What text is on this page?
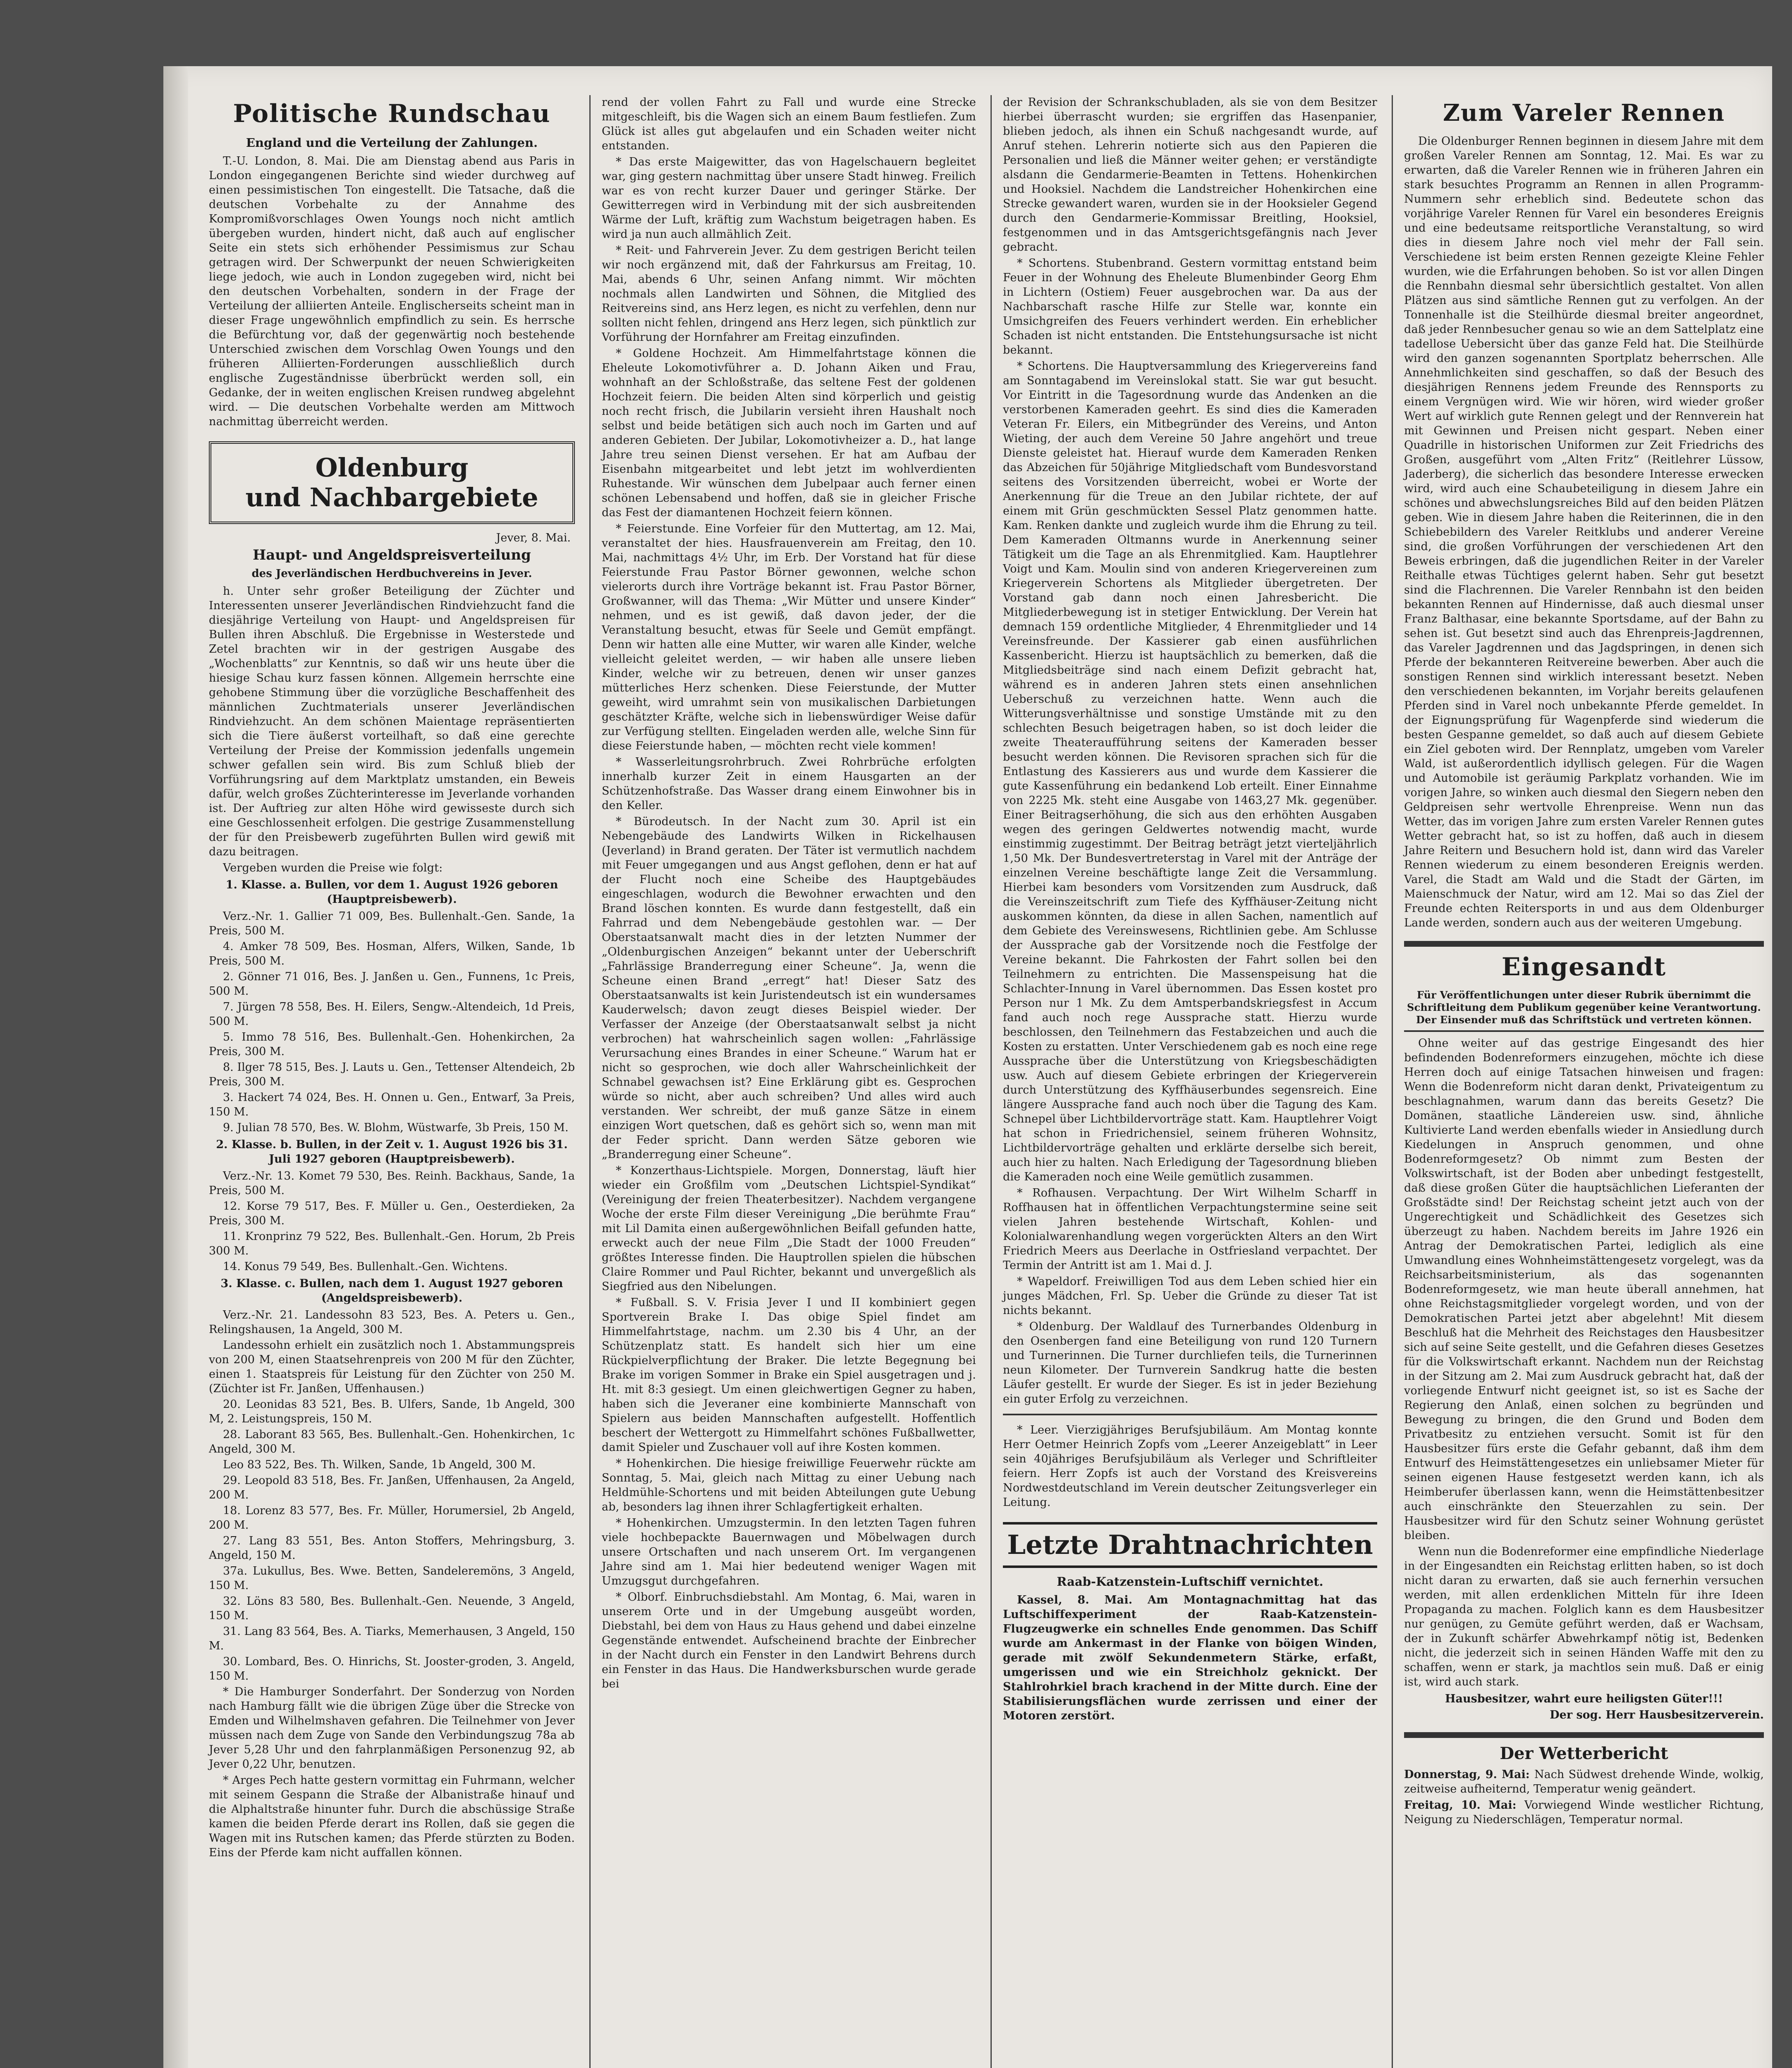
Politische Rundschau
England und die Verteilung der Zahlungen.

T.-U. London, 8. Mai. Die am Dienstag abend aus Paris in London eingegangenen Berichte sind wieder durchweg auf einen pessimistischen Ton eingestellt. Die Tatsache, daß die deutschen Vorbehalte zu der Annahme des Kompromißvorschlages Owen Youngs noch nicht amtlich übergeben wurden, hindert nicht, daß auch auf englischer Seite ein stets sich erhöhender Pessimismus zur Schau getragen wird. Der Schwerpunkt der neuen Schwierigkeiten liege jedoch, wie auch in London zugegeben wird, nicht bei den deutschen Vorbehalten, sondern in der Frage der Verteilung der alliierten Anteile. Englischerseits scheint man in dieser Frage ungewöhnlich empfindlich zu sein. Es herrsche die Befürchtung vor, daß der gegenwärtig noch bestehende Unterschied zwischen dem Vorschlag Owen Youngs und den früheren Alliierten-Forderungen ausschließlich durch englische Zugeständnisse überbrückt werden soll, ein Gedanke, der in weiten englischen Kreisen rundweg abgelehnt wird. — Die deutschen Vorbehalte werden am Mittwoch nachmittag überreicht werden.

Oldenburg
und Nachbargebiete
Jever, 8. Mai.
Haupt- und Angeldspreisverteilung
des Jeverländischen Herdbuchvereins in Jever.

h. Unter sehr großer Beteiligung der Züchter und Interessenten unserer Jeverländischen Rindviehzucht fand die diesjährige Verteilung von Haupt- und Angeldspreisen für Bullen ihren Abschluß. Die Ergebnisse in Westerstede und Zetel brachten wir in der gestrigen Ausgabe des „Wochenblatts“ zur Kenntnis, so daß wir uns heute über die hiesige Schau kurz fassen können. Allgemein herrschte eine gehobene Stimmung über die vorzügliche Beschaffenheit des männlichen Zuchtmaterials unserer Jeverländischen Rindviehzucht. An dem schönen Maientage repräsentierten sich die Tiere äußerst vorteilhaft, so daß eine gerechte Verteilung der Preise der Kommission jedenfalls ungemein schwer gefallen sein wird. Bis zum Schluß blieb der Vorführungsring auf dem Marktplatz umstanden, ein Beweis dafür, welch großes Züchterinteresse im Jeverlande vorhanden ist. Der Auftrieg zur alten Höhe wird gewisseste durch sich eine Geschlossenheit erfolgen. Die gestrige Zusammenstellung der für den Preisbewerb zugeführten Bullen wird gewiß mit dazu beitragen.

Vergeben wurden die Preise wie folgt:

1. Klasse. a. Bullen, vor dem 1. August 1926 geboren (Hauptpreisbewerb).

Verz.-Nr. 1. Gallier 71 009, Bes. Bullenhalt.-Gen. Sande, 1a Preis, 500 M.

4. Amker 78 509, Bes. Hosman, Alfers, Wilken, Sande, 1b Preis, 500 M.

2. Gönner 71 016, Bes. J. Janßen u. Gen., Funnens, 1c Preis, 500 M.

7. Jürgen 78 558, Bes. H. Eilers, Sengw.-Altendeich, 1d Preis, 500 M.

5. Immo 78 516, Bes. Bullenhalt.-Gen. Hohenkirchen, 2a Preis, 300 M.

8. Ilger 78 515, Bes. J. Lauts u. Gen., Tettenser Altendeich, 2b Preis, 300 M.

3. Hackert 74 024, Bes. H. Onnen u. Gen., Entwarf, 3a Preis, 150 M.

9. Julian 78 570, Bes. W. Blohm, Wüstwarfe, 3b Preis, 150 M.

2. Klasse. b. Bullen, in der Zeit v. 1. August 1926 bis 31. Juli 1927 geboren (Hauptpreisbewerb).

Verz.-Nr. 13. Komet 79 530, Bes. Reinh. Backhaus, Sande, 1a Preis, 500 M.

12. Korse 79 517, Bes. F. Müller u. Gen., Oesterdieken, 2a Preis, 300 M.

11. Kronprinz 79 522, Bes. Bullenhalt.-Gen. Horum, 2b Preis 300 M.

14. Konus 79 549, Bes. Bullenhalt.-Gen. Wichtens.

3. Klasse. c. Bullen, nach dem 1. August 1927 geboren (Angeldspreisbewerb).

Verz.-Nr. 21. Landessohn 83 523, Bes. A. Peters u. Gen., Relingshausen, 1a Angeld, 300 M.

Landessohn erhielt ein zusätzlich noch 1. Abstammungspreis von 200 M, einen Staatsehrenpreis von 200 M für den Züchter, einen 1. Staatspreis für Leistung für den Züchter von 250 M. (Züchter ist Fr. Janßen, Uffenhausen.)

20. Leonidas 83 521, Bes. B. Ulfers, Sande, 1b Angeld, 300 M, 2. Leistungspreis, 150 M.

28. Laborant 83 565, Bes. Bullenhalt.-Gen. Hohenkirchen, 1c Angeld, 300 M.

Leo 83 522, Bes. Th. Wilken, Sande, 1b Angeld, 300 M.

29. Leopold 83 518, Bes. Fr. Janßen, Uffenhausen, 2a Angeld, 200 M.

18. Lorenz 83 577, Bes. Fr. Müller, Horumersiel, 2b Angeld, 200 M.

27. Lang 83 551, Bes. Anton Stoffers, Mehringsburg, 3. Angeld, 150 M.

37a. Lukullus, Bes. Wwe. Betten, Sandeleremöns, 3 Angeld, 150 M.

32. Löns 83 580, Bes. Bullenhalt.-Gen. Neuende, 3 Angeld, 150 M.

31. Lang 83 564, Bes. A. Tiarks, Memerhausen, 3 Angeld, 150 M.

30. Lombard, Bes. O. Hinrichs, St. Jooster-groden, 3. Angeld, 150 M.

* Die Hamburger Sonderfahrt. Der Sonderzug von Norden nach Hamburg fällt wie die übrigen Züge über die Strecke von Emden und Wilhelmshaven gefahren. Die Teilnehmer von Jever müssen nach dem Zuge von Sande den Verbindungszug 78a ab Jever 5,28 Uhr und den fahrplanmäßigen Personenzug 92, ab Jever 0,22 Uhr, benutzen.

* Arges Pech hatte gestern vormittag ein Fuhrmann, welcher mit seinem Gespann die Straße der Albanistraße hinauf und die Alphaltstraße hinunter fuhr. Durch die abschüssige Straße kamen die beiden Pferde derart ins Rollen, daß sie gegen die Wagen mit ins Rutschen kamen; das Pferde stürzten zu Boden. Eins der Pferde kam nicht auffallen können.

rend der vollen Fahrt zu Fall und wurde eine Strecke mitgeschleift, bis die Wagen sich an einem Baum festliefen. Zum Glück ist alles gut abgelaufen und ein Schaden weiter nicht entstanden.

* Das erste Maigewitter, das von Hagelschauern begleitet war, ging gestern nachmittag über unsere Stadt hinweg. Freilich war es von recht kurzer Dauer und geringer Stärke. Der Gewitterregen wird in Verbindung mit der sich ausbreitenden Wärme der Luft, kräftig zum Wachstum beigetragen haben. Es wird ja nun auch allmählich Zeit.

* Reit- und Fahrverein Jever. Zu dem gestrigen Bericht teilen wir noch ergänzend mit, daß der Fahrkursus am Freitag, 10. Mai, abends 6 Uhr, seinen Anfang nimmt. Wir möchten nochmals allen Landwirten und Söhnen, die Mitglied des Reitvereins sind, ans Herz legen, es nicht zu verfehlen, denn nur sollten nicht fehlen, dringend ans Herz legen, sich pünktlich zur Vorführung der Hornfahrer am Freitag einzufinden.

* Goldene Hochzeit. Am Himmelfahrtstage können die Eheleute Lokomotivführer a. D. Johann Aiken und Frau, wohnhaft an der Schloßstraße, das seltene Fest der goldenen Hochzeit feiern. Die beiden Alten sind körperlich und geistig noch recht frisch, die Jubilarin versieht ihren Haushalt noch selbst und beide betätigen sich auch noch im Garten und auf anderen Gebieten. Der Jubilar, Lokomotivheizer a. D., hat lange Jahre treu seinen Dienst versehen. Er hat am Aufbau der Eisenbahn mitgearbeitet und lebt jetzt im wohlverdienten Ruhestande. Wir wünschen dem Jubelpaar auch ferner einen schönen Lebensabend und hoffen, daß sie in gleicher Frische das Fest der diamantenen Hochzeit feiern können.

* Feierstunde. Eine Vorfeier für den Muttertag, am 12. Mai, veranstaltet der hies. Hausfrauenverein am Freitag, den 10. Mai, nachmittags 4½ Uhr, im Erb. Der Vorstand hat für diese Feierstunde Frau Pastor Börner gewonnen, welche schon vielerorts durch ihre Vorträge bekannt ist. Frau Pastor Börner, Großwanner, will das Thema: „Wir Mütter und unsere Kinder“ nehmen, und es ist gewiß, daß davon jeder, der die Veranstaltung besucht, etwas für Seele und Gemüt empfängt. Denn wir hatten alle eine Mutter, wir waren alle Kinder, welche vielleicht geleitet werden, — wir haben alle unsere lieben Kinder, welche wir zu betreuen, denen wir unser ganzes mütterliches Herz schenken. Diese Feierstunde, der Mutter geweiht, wird umrahmt sein von musikalischen Darbietungen geschätzter Kräfte, welche sich in liebenswürdiger Weise dafür zur Verfügung stellten. Eingeladen werden alle, welche Sinn für diese Feierstunde haben, — möchten recht viele kommen!

* Wasserleitungsrohrbruch. Zwei Rohrbrüche erfolgten innerhalb kurzer Zeit in einem Hausgarten an der Schützenhofstraße. Das Wasser drang einem Einwohner bis in den Keller.

* Bürodeutsch. In der Nacht zum 30. April ist ein Nebengebäude des Landwirts Wilken in Rickelhausen (Jeverland) in Brand geraten. Der Täter ist vermutlich nachdem mit Feuer umgegangen und aus Angst geflohen, denn er hat auf der Flucht noch eine Scheibe des Hauptgebäudes eingeschlagen, wodurch die Bewohner erwachten und den Brand löschen konnten. Es wurde dann festgestellt, daß ein Fahrrad und dem Nebengebäude gestohlen war. — Der Oberstaatsanwalt macht dies in der letzten Nummer der „Oldenburgischen Anzeigen“ bekannt unter der Ueberschrift „Fahrlässige Branderregung einer Scheune“. Ja, wenn die Scheune einen Brand „erregt“ hat! Dieser Satz des Oberstaatsanwalts ist kein Juristendeutsch ist ein wundersames Kauderwelsch; davon zeugt dieses Beispiel wieder. Der Verfasser der Anzeige (der Oberstaatsanwalt selbst ja nicht verbrochen) hat wahrscheinlich sagen wollen: „Fahrlässige Verursachung eines Brandes in einer Scheune.“ Warum hat er nicht so gesprochen, wie doch aller Wahrscheinlichkeit der Schnabel gewachsen ist? Eine Erklärung gibt es. Gesprochen würde so nicht, aber auch schreiben? Und alles wird auch verstanden. Wer schreibt, der muß ganze Sätze in einem einzigen Wort quetschen, daß es gehört sich so, wenn man mit der Feder spricht. Dann werden Sätze geboren wie „Branderregung einer Scheune“.

* Konzerthaus-Lichtspiele. Morgen, Donnerstag, läuft hier wieder ein Großfilm vom „Deutschen Lichtspiel-Syndikat“ (Vereinigung der freien Theaterbesitzer). Nachdem vergangene Woche der erste Film dieser Vereinigung „Die berühmte Frau“ mit Lil Damita einen außergewöhnlichen Beifall gefunden hatte, erweckt auch der neue Film „Die Stadt der 1000 Freuden“ größtes Interesse finden. Die Hauptrollen spielen die hübschen Claire Rommer und Paul Richter, bekannt und unvergeßlich als Siegfried aus den Nibelungen.

* Fußball. S. V. Frisia Jever I und II kombiniert gegen Sportverein Brake I. Das obige Spiel findet am Himmelfahrtstage, nachm. um 2.30 bis 4 Uhr, an der Schützenplatz statt. Es handelt sich hier um eine Rückpielverpflichtung der Braker. Die letzte Begegnung bei Brake im vorigen Sommer in Brake ein Spiel ausgetragen und j. Ht. mit 8:3 gesiegt. Um einen gleichwertigen Gegner zu haben, haben sich die Jeveraner eine kombinierte Mannschaft von Spielern aus beiden Mannschaften aufgestellt. Hoffentlich beschert der Wettergott zu Himmelfahrt schönes Fußballwetter, damit Spieler und Zuschauer voll auf ihre Kosten kommen.

* Hohenkirchen. Die hiesige freiwillige Feuerwehr rückte am Sonntag, 5. Mai, gleich nach Mittag zu einer Uebung nach Heldmühle-Schortens und mit beiden Abteilungen gute Uebung ab, besonders lag ihnen ihrer Schlagfertigkeit erhalten.

* Hohenkirchen. Umzugstermin. In den letzten Tagen fuhren viele hochbepackte Bauernwagen und Möbelwagen durch unsere Ortschaften und nach unserem Ort. Im vergangenen Jahre sind am 1. Mai hier bedeutend weniger Wagen mit Umzugsgut durchgefahren.

* Olborf. Einbruchsdiebstahl. Am Montag, 6. Mai, waren in unserem Orte und in der Umgebung ausgeübt worden, Diebstahl, bei dem von Haus zu Haus gehend und dabei einzelne Gegenstände entwendet. Aufscheinend brachte der Einbrecher in der Nacht durch ein Fenster in den Landwirt Behrens durch ein Fenster in das Haus. Die Handwerksburschen wurde gerade bei

der Revision der Schrankschubladen, als sie von dem Besitzer hierbei überrascht wurden; sie ergriffen das Hasenpanier, blieben jedoch, als ihnen ein Schuß nachgesandt wurde, auf Anruf stehen. Lehrerin notierte sich aus den Papieren die Personalien und ließ die Männer weiter gehen; er verständigte alsdann die Gendarmerie-Beamten in Tettens. Hohenkirchen und Hooksiel. Nachdem die Landstreicher Hohenkirchen eine Strecke gewandert waren, wurden sie in der Hooksieler Gegend durch den Gendarmerie-Kommissar Breitling, Hooksiel, festgenommen und in das Amtsgerichtsgefängnis nach Jever gebracht.

* Schortens. Stubenbrand. Gestern vormittag entstand beim Feuer in der Wohnung des Eheleute Blumenbinder Georg Ehm in Lichtern (Ostiem) Feuer ausgebrochen war. Da aus der Nachbarschaft rasche Hilfe zur Stelle war, konnte ein Umsichgreifen des Feuers verhindert werden. Ein erheblicher Schaden ist nicht entstanden. Die Entstehungsursache ist nicht bekannt.

* Schortens. Die Hauptversammlung des Kriegervereins fand am Sonntagabend im Vereinslokal statt. Sie war gut besucht. Vor Eintritt in die Tagesordnung wurde das Andenken an die verstorbenen Kameraden geehrt. Es sind dies die Kameraden Veteran Fr. Eilers, ein Mitbegründer des Vereins, und Anton Wieting, der auch dem Vereine 50 Jahre angehört und treue Dienste geleistet hat. Hierauf wurde dem Kameraden Renken das Abzeichen für 50jährige Mitgliedschaft vom Bundesvorstand seitens des Vorsitzenden überreicht, wobei er Worte der Anerkennung für die Treue an den Jubilar richtete, der auf einem mit Grün geschmückten Sessel Platz genommen hatte. Kam. Renken dankte und zugleich wurde ihm die Ehrung zu teil. Dem Kameraden Oltmanns wurde in Anerkennung seiner Tätigkeit um die Tage an als Ehrenmitglied. Kam. Hauptlehrer Voigt und Kam. Moulin sind von anderen Kriegervereinen zum Kriegerverein Schortens als Mitglieder übergetreten. Der Vorstand gab dann noch einen Jahresbericht. Die Mitgliederbewegung ist in stetiger Entwicklung. Der Verein hat demnach 159 ordentliche Mitglieder, 4 Ehrenmitglieder und 14 Vereinsfreunde. Der Kassierer gab einen ausführlichen Kassenbericht. Hierzu ist hauptsächlich zu bemerken, daß die Mitgliedsbeiträge sind nach einem Defizit gebracht hat, während es in anderen Jahren stets einen ansehnlichen Ueberschuß zu verzeichnen hatte. Wenn auch die Witterungsverhältnisse und sonstige Umstände mit zu den schlechten Besuch beigetragen haben, so ist doch leider die zweite Theateraufführung seitens der Kameraden besser besucht werden können. Die Revisoren sprachen sich für die Entlastung des Kassierers aus und wurde dem Kassierer die gute Kassenführung ein bedankend Lob erteilt. Einer Einnahme von 2225 Mk. steht eine Ausgabe von 1463,27 Mk. gegenüber. Einer Beitragserhöhung, die sich aus den erhöhten Ausgaben wegen des geringen Geldwertes notwendig macht, wurde einstimmig zugestimmt. Der Beitrag beträgt jetzt vierteljährlich 1,50 Mk. Der Bundesvertreterstag in Varel mit der Anträge der einzelnen Vereine beschäftigte lange Zeit die Versammlung. Hierbei kam besonders vom Vorsitzenden zum Ausdruck, daß die Vereinszeitschrift zum Tiefe des Kyffhäuser-Zeitung nicht auskommen könnten, da diese in allen Sachen, namentlich auf dem Gebiete des Vereinswesens, Richtlinien gebe. Am Schlusse der Aussprache gab der Vorsitzende noch die Festfolge der Vereine bekannt. Die Fahrkosten der Fahrt sollen bei den Teilnehmern zu entrichten. Die Massenspeisung hat die Schlachter-Innung in Varel übernommen. Das Essen kostet pro Person nur 1 Mk. Zu dem Amtsperbandskriegsfest in Accum fand auch noch rege Aussprache statt. Hierzu wurde beschlossen, den Teilnehmern das Festabzeichen und auch die Kosten zu erstatten. Unter Verschiedenem gab es noch eine rege Aussprache über die Unterstützung von Kriegsbeschädigten usw. Auch auf diesem Gebiete erbringen der Kriegerverein durch Unterstützung des Kyffhäuserbundes segensreich. Eine längere Aussprache fand auch noch über die Tagung des Kam. Schnepel über Lichtbildervorträge statt. Kam. Hauptlehrer Voigt hat schon in Friedrichensiel, seinem früheren Wohnsitz, Lichtbildervorträge gehalten und erklärte derselbe sich bereit, auch hier zu halten. Nach Erledigung der Tagesordnung blieben die Kameraden noch eine Weile gemütlich zusammen.

* Rofhausen. Verpachtung. Der Wirt Wilhelm Scharff in Roffhausen hat in öffentlichen Verpachtungstermine seine seit vielen Jahren bestehende Wirtschaft, Kohlen- und Kolonialwarenhandlung wegen vorgerückten Alters an den Wirt Friedrich Meers aus Deerlache in Ostfriesland verpachtet. Der Termin der Antritt ist am 1. Mai d. J.

* Wapeldorf. Freiwilligen Tod aus dem Leben schied hier ein junges Mädchen, Frl. Sp. Ueber die Gründe zu dieser Tat ist nichts bekannt.

* Oldenburg. Der Waldlauf des Turnerbandes Oldenburg in den Osenbergen fand eine Beteiligung von rund 120 Turnern und Turnerinnen. Die Turner durchliefen teils, die Turnerinnen neun Kilometer. Der Turnverein Sandkrug hatte die besten Läufer gestellt. Er wurde der Sieger. Es ist in jeder Beziehung ein guter Erfolg zu verzeichnen.

* Leer. Vierzigjähriges Berufsjubiläum. Am Montag konnte Herr Oetmer Heinrich Zopfs vom „Leerer Anzeigeblatt“ in Leer sein 40jähriges Berufsjubiläum als Verleger und Schriftleiter feiern. Herr Zopfs ist auch der Vorstand des Kreisvereins Nordwestdeutschland im Verein deutscher Zeitungsverleger ein Leitung.

Letzte Drahtnachrichten
Raab-Katzenstein-Luftschiff vernichtet.

Kassel, 8. Mai. Am Montagnachmittag hat das Luftschiffexperiment der Raab-Katzenstein-Flugzeugwerke ein schnelles Ende genommen. Das Schiff wurde am Ankermast in der Flanke von böigen Winden, gerade mit zwölf Sekundenmetern Stärke, erfaßt, umgerissen und wie ein Streichholz geknickt. Der Stahlrohrkiel brach krachend in der Mitte durch. Eine der Stabilisierungsflächen wurde zerrissen und einer der Motoren zerstört.

Zum Vareler Rennen

Die Oldenburger Rennen beginnen in diesem Jahre mit dem großen Vareler Rennen am Sonntag, 12. Mai. Es war zu erwarten, daß die Vareler Rennen wie in früheren Jahren ein stark besuchtes Programm an Rennen in allen Programm-Nummern sehr erheblich sind. Bedeutete schon das vorjährige Vareler Rennen für Varel ein besonderes Ereignis und eine bedeutsame reitsportliche Veranstaltung, so wird dies in diesem Jahre noch viel mehr der Fall sein. Verschiedene ist beim ersten Rennen gezeigte Kleine Fehler wurden, wie die Erfahrungen behoben. So ist vor allen Dingen die Rennbahn diesmal sehr übersichtlich gestaltet. Von allen Plätzen aus sind sämtliche Rennen gut zu verfolgen. An der Tonnenhalle ist die Steilhürde diesmal breiter angeordnet, daß jeder Rennbesucher genau so wie an dem Sattelplatz eine tadellose Uebersicht über das ganze Feld hat. Die Steilhürde wird den ganzen sogenannten Sportplatz beherrschen. Alle Annehmlichkeiten sind geschaffen, so daß der Besuch des diesjährigen Rennens jedem Freunde des Rennsports zu einem Vergnügen wird. Wie wir hören, wird wieder großer Wert auf wirklich gute Rennen gelegt und der Rennverein hat mit Gewinnen und Preisen nicht gespart. Neben einer Quadrille in historischen Uniformen zur Zeit Friedrichs des Großen, ausgeführt vom „Alten Fritz“ (Reitlehrer Lüssow, Jaderberg), die sicherlich das besondere Interesse erwecken wird, wird auch eine Schaubeteiligung in diesem Jahre ein schönes und abwechslungsreiches Bild auf den beiden Plätzen geben. Wie in diesem Jahre haben die Reiterinnen, die in den Schiebebildern des Vareler Reitklubs und anderer Vereine sind, die großen Vorführungen der verschiedenen Art den Beweis erbringen, daß die jugendlichen Reiter in der Vareler Reithalle etwas Tüchtiges gelernt haben. Sehr gut besetzt sind die Flachrennen. Die Vareler Rennbahn ist den beiden bekannten Rennen auf Hindernisse, daß auch diesmal unser Franz Balthasar, eine bekannte Sportsdame, auf der Bahn zu sehen ist. Gut besetzt sind auch das Ehrenpreis-Jagdrennen, das Vareler Jagdrennen und das Jagdspringen, in denen sich Pferde der bekannteren Reitvereine bewerben. Aber auch die sonstigen Rennen sind wirklich interessant besetzt. Neben den verschiedenen bekannten, im Vorjahr bereits gelaufenen Pferden sind in Varel noch unbekannte Pferde gemeldet. In der Eignungsprüfung für Wagenpferde sind wiederum die besten Gespanne gemeldet, so daß auch auf diesem Gebiete ein Ziel geboten wird. Der Rennplatz, umgeben vom Vareler Wald, ist außerordentlich idyllisch gelegen. Für die Wagen und Automobile ist geräumig Parkplatz vorhanden. Wie im vorigen Jahre, so winken auch diesmal den Siegern neben den Geldpreisen sehr wertvolle Ehrenpreise. Wenn nun das Wetter, das im vorigen Jahre zum ersten Vareler Rennen gutes Wetter gebracht hat, so ist zu hoffen, daß auch in diesem Jahre Reitern und Besuchern hold ist, dann wird das Vareler Rennen wiederum zu einem besonderen Ereignis werden. Varel, die Stadt am Wald und die Stadt der Gärten, im Maienschmuck der Natur, wird am 12. Mai so das Ziel der Freunde echten Reitersports in und aus dem Oldenburger Lande werden, sondern auch aus der weiteren Umgebung.

Eingesandt

Für Veröffentlichungen unter dieser Rubrik übernimmt die Schriftleitung dem Publikum gegenüber keine Verantwortung. Der Einsender muß das Schriftstück und vertreten können.

Ohne weiter auf das gestrige Eingesandt des hier befindenden Bodenreformers einzugehen, möchte ich diese Herren doch auf einige Tatsachen hinweisen und fragen: Wenn die Bodenreform nicht daran denkt, Privateigentum zu beschlagnahmen, warum dann das bereits Gesetz? Die Domänen, staatliche Ländereien usw. sind, ähnliche Kultivierte Land werden ebenfalls wieder in Ansiedlung durch Kiedelungen in Anspruch genommen, und ohne Bodenreformgesetz? Ob nimmt zum Besten der Volkswirtschaft, ist der Boden aber unbedingt festgestellt, daß diese großen Güter die hauptsächlichen Lieferanten der Großstädte sind! Der Reichstag scheint jetzt auch von der Ungerechtigkeit und Schädlichkeit des Gesetzes sich überzeugt zu haben. Nachdem bereits im Jahre 1926 ein Antrag der Demokratischen Partei, lediglich als eine Umwandlung eines Wohnheimstättengesetz vorgelegt, was da Reichsarbeitsministerium, als das sogenannten Bodenreformgesetz, wie man heute überall annehmen, hat ohne Reichstagsmitglieder vorgelegt worden, und von der Demokratischen Partei jetzt aber abgelehnt! Mit diesem Beschluß hat die Mehrheit des Reichstages den Hausbesitzer sich auf seine Seite gestellt, und die Gefahren dieses Gesetzes für die Volkswirtschaft erkannt. Nachdem nun der Reichstag in der Sitzung am 2. Mai zum Ausdruck gebracht hat, daß der vorliegende Entwurf nicht geeignet ist, so ist es Sache der Regierung den Anlaß, einen solchen zu begründen und Bewegung zu bringen, die den Grund und Boden dem Privatbesitz zu entziehen versucht. Somit ist für den Hausbesitzer fürs erste die Gefahr gebannt, daß ihm dem Entwurf des Heimstättengesetzes ein unliebsamer Mieter für seinen eigenen Hause festgesetzt werden kann, ich als Heimberufer überlassen kann, wenn die Heimstättenbesitzer auch einschränkte den Steuerzahlen zu sein. Der Hausbesitzer wird für den Schutz seiner Wohnung gerüstet bleiben.

Wenn nun die Bodenreformer eine empfindliche Niederlage in der Eingesandten ein Reichstag erlitten haben, so ist doch nicht daran zu erwarten, daß sie auch fernerhin versuchen werden, mit allen erdenklichen Mitteln für ihre Ideen Propaganda zu machen. Folglich kann es dem Hausbesitzer nur genügen, zu Gemüte geführt werden, daß er Wachsam, der in Zukunft schärfer Abwehrkampf nötig ist, Bedenken nicht, die jederzeit sich in seinen Händen Waffe mit den zu schaffen, wenn er stark, ja machtlos sein muß. Daß er einig ist, wird auch stark.

Hausbesitzer, wahrt eure heiligsten Güter!!!
Der sog. Herr Hausbesitzerverein.
Der Wetterbericht

Donnerstag, 9. Mai: Nach Südwest drehende Winde, wolkig, zeitweise aufheiternd, Temperatur wenig geändert.

Freitag, 10. Mai: Vorwiegend Winde westlicher Richtung, Neigung zu Niederschlägen, Temperatur normal.
